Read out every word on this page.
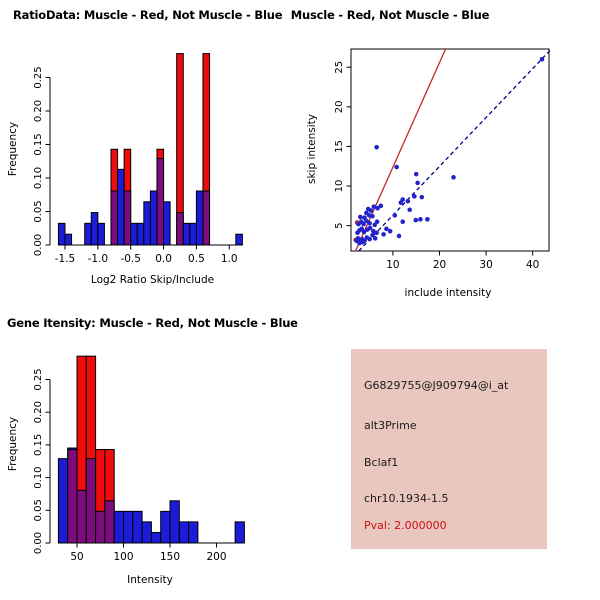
RatioData: Muscle - Red, Not Muscle - Blue
-1.5 -1.0 -0.5 0.0 0.5 1.0
0.00
0.05
0.10
0.15
0.20
0.25
Log2 Ratio Skip/Include
Frequency
Muscle - Red, Not Muscle - Blue
10	20	30	40
5
10
15
20
25
include intensity
skip intensity
Gene Itensity: Muscle - Red, Not Muscle - Blue
50	100	150	200
0.00
0.05
0.10
0.15
0.20
0.25
Intensity
Frequency
G6829755@J909794@i_at
alt3Prime
Bclaf1
chr10.1934-1.5
Pval: 2.000000
